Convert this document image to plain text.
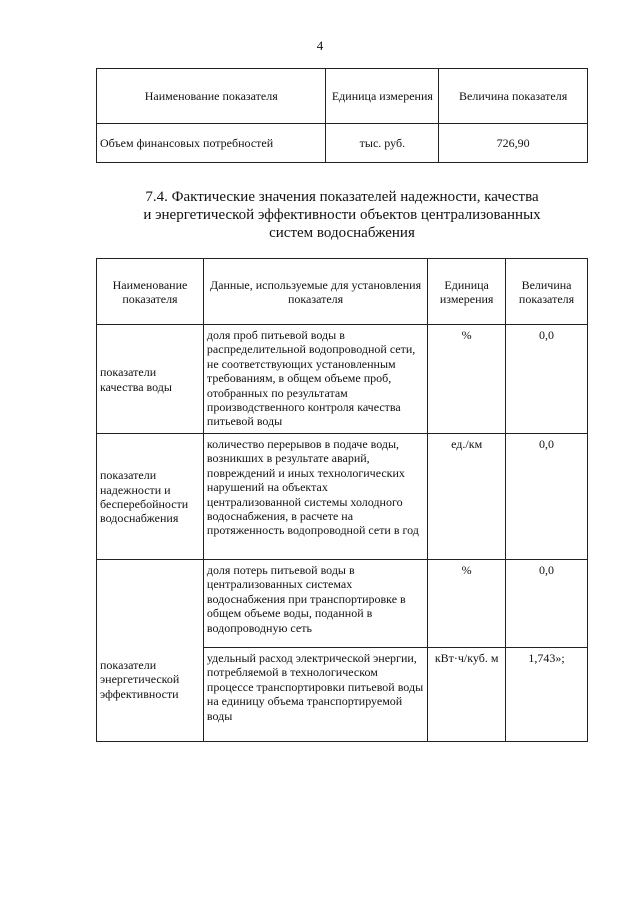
4
Наименование показателя	Единица измерения	Величина показателя
Объем финансовых потребностей	тыс. руб.	726,90
7.4. Фактические значения показателей надежности, качества
и энергетической эффективности объектов централизованных
систем водоснабжения
Наименование показателя	Данные, используемые для установления показателя	Единица измерения	Величина показателя
показатели качества воды	доля проб питьевой воды в распределительной водопроводной сети, не соответствующих установленным требованиям, в общем объеме проб, отобранных по результатам производственного контроля качества питьевой воды	%	0,0
показатели надежности и бесперебойности водоснабжения	количество перерывов в подаче воды, возникших в результате аварий, повреждений и иных технологических нарушений на объектах централизованной системы холодного водоснабжения, в расчете на протяженность водопроводной сети в год	ед./км	0,0
показатели энергетической эффективности	доля потерь питьевой воды в централизованных системах водоснабжения при транспортировке в общем объеме воды, поданной в водопроводную сеть	%	0,0
	удельный расход электрической энергии, потребляемой в технологическом процессе транспортировки питьевой воды на единицу объема транспортируемой воды	кВт·ч/куб. м	1,743»;
